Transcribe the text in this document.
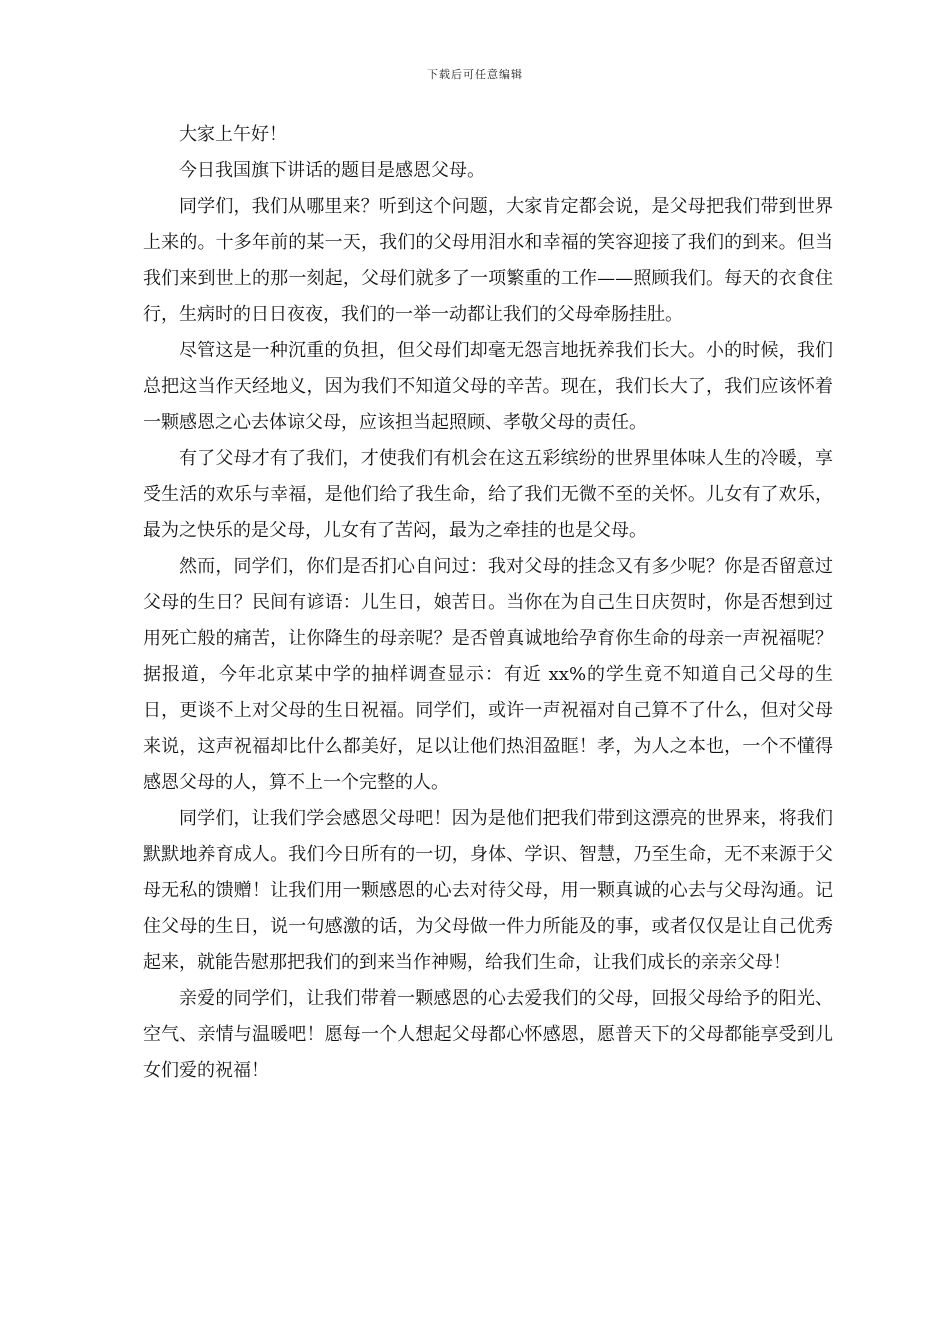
下载后可任意编辑

大家上午好！

今日我国旗下讲话的题目是感恩父母。

同学们，我们从哪里来？听到这个问题，大家肯定都会说，是父母把我们带到世界上来的。十多年前的某一天，我们的父母用泪水和幸福的笑容迎接了我们的到来。但当我们来到世上的那一刻起，父母们就多了一项繁重的工作——照顾我们。每天的衣食住行，生病时的日日夜夜，我们的一举一动都让我们的父母牵肠挂肚。

尽管这是一种沉重的负担，但父母们却毫无怨言地抚养我们长大。小的时候，我们总把这当作天经地义，因为我们不知道父母的辛苦。现在，我们长大了，我们应该怀着一颗感恩之心去体谅父母，应该担当起照顾、孝敬父母的责任。

有了父母才有了我们，才使我们有机会在这五彩缤纷的世界里体味人生的冷暖，享受生活的欢乐与幸福，是他们给了我生命，给了我们无微不至的关怀。儿女有了欢乐，最为之快乐的是父母，儿女有了苦闷，最为之牵挂的也是父母。

然而，同学们，你们是否扪心自问过：我对父母的挂念又有多少呢？你是否留意过父母的生日？民间有谚语：儿生日，娘苦日。当你在为自己生日庆贺时，你是否想到过用死亡般的痛苦，让你降生的母亲呢？是否曾真诚地给孕育你生命的母亲一声祝福呢？据报道，今年北京某中学的抽样调查显示：有近 xx%的学生竟不知道自己父母的生日，更谈不上对父母的生日祝福。同学们，或许一声祝福对自己算不了什么，但对父母来说，这声祝福却比什么都美好，足以让他们热泪盈眶！孝，为人之本也，一个不懂得感恩父母的人，算不上一个完整的人。

同学们，让我们学会感恩父母吧！因为是他们把我们带到这漂亮的世界来，将我们默默地养育成人。我们今日所有的一切，身体、学识、智慧，乃至生命，无不来源于父母无私的馈赠！让我们用一颗感恩的心去对待父母，用一颗真诚的心去与父母沟通。记住父母的生日，说一句感激的话，为父母做一件力所能及的事，或者仅仅是让自己优秀起来，就能告慰那把我们的到来当作神赐，给我们生命，让我们成长的亲亲父母！

亲爱的同学们，让我们带着一颗感恩的心去爱我们的父母，回报父母给予的阳光、空气、亲情与温暖吧！愿每一个人想起父母都心怀感恩，愿普天下的父母都能享受到儿女们爱的祝福！
